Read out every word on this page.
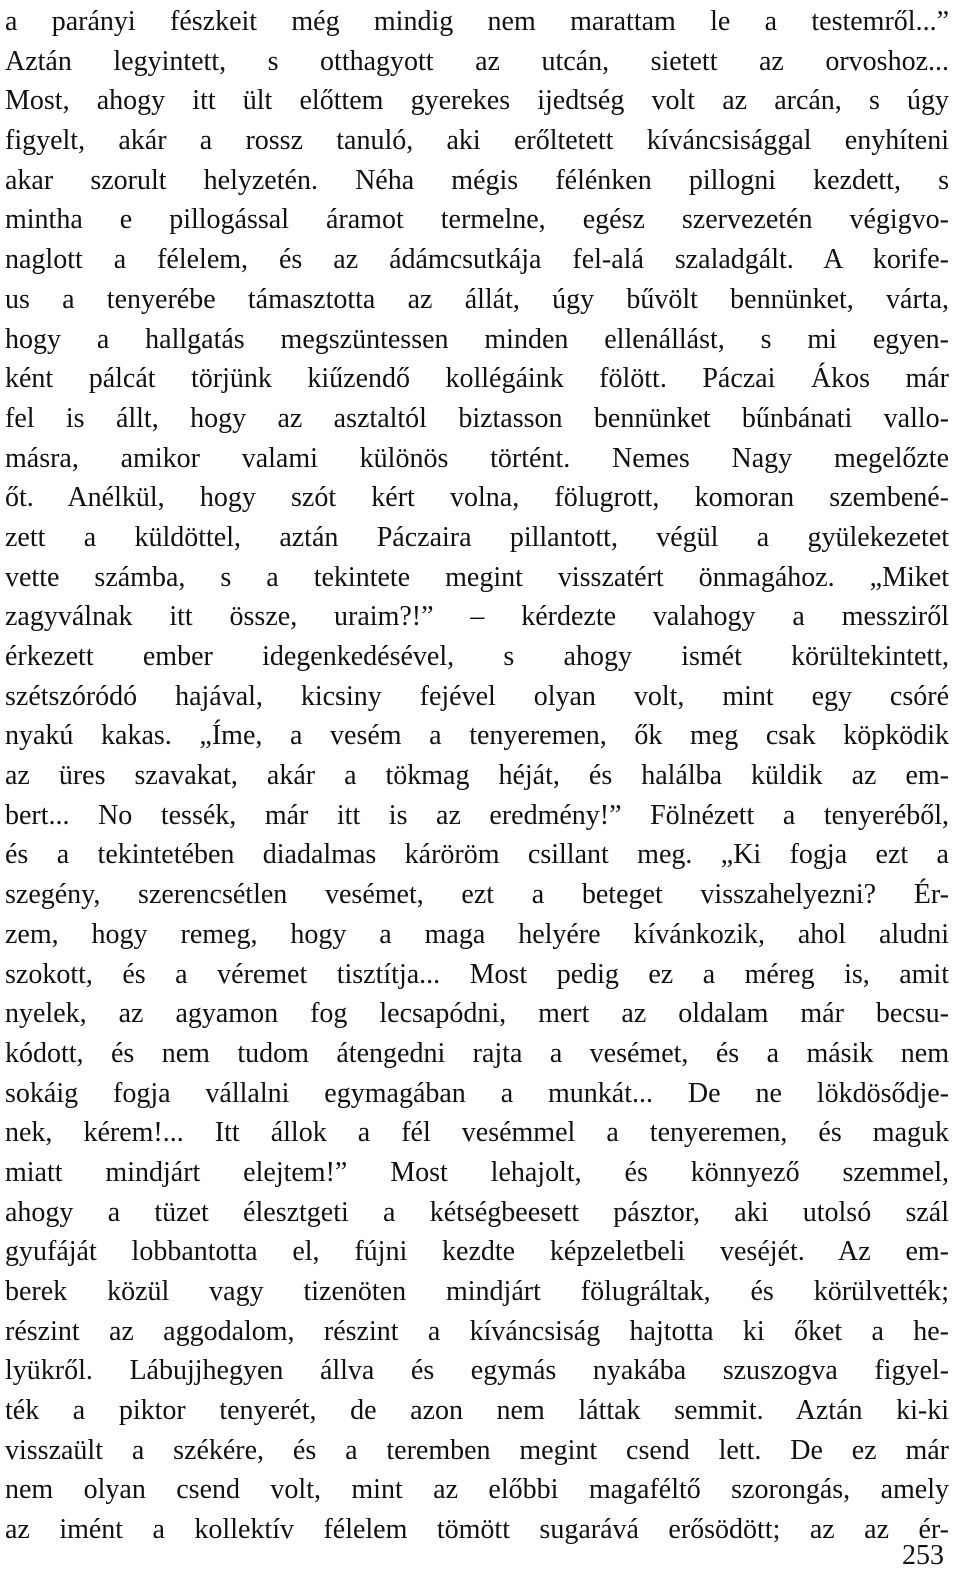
a parányi fészkeit még mindig nem marattam le a testemről...”
Aztán legyintett, s otthagyott az utcán, sietett az orvoshoz...
Most, ahogy itt ült előttem gyerekes ijedtség volt az arcán, s úgy
figyelt, akár a rossz tanuló, aki erőltetett kíváncsisággal enyhíteni
akar szorult helyzetén. Néha mégis félénken pillogni kezdett, s
mintha e pillogással áramot termelne, egész szervezetén végigvo-
naglott a félelem, és az ádámcsutkája fel-alá szaladgált. A korife-
us a tenyerébe támasztotta az állát, úgy bűvölt bennünket, várta,
hogy a hallgatás megszüntessen minden ellenállást, s mi egyen-
ként pálcát törjünk kiűzendő kollégáink fölött. Páczai Ákos már
fel is állt, hogy az asztaltól biztasson bennünket bűnbánati vallo-
másra, amikor valami különös történt. Nemes Nagy megelőzte
őt. Anélkül, hogy szót kért volna, fölugrott, komoran szembené-
zett a küldöttel, aztán Páczaira pillantott, végül a gyülekezetet
vette számba, s a tekintete megint visszatért önmagához. „Miket
zagyválnak itt össze, uraim?!” – kérdezte valahogy a messziről
érkezett ember idegenkedésével, s ahogy ismét körültekintett,
szétszóródó hajával, kicsiny fejével olyan volt, mint egy csóré
nyakú kakas. „Íme, a vesém a tenyeremen, ők meg csak köpködik
az üres szavakat, akár a tökmag héját, és halálba küldik az em-
bert... No tessék, már itt is az eredmény!” Fölnézett a tenyeréből,
és a tekintetében diadalmas káröröm csillant meg. „Ki fogja ezt a
szegény, szerencsétlen vesémet, ezt a beteget visszahelyezni? Ér-
zem, hogy remeg, hogy a maga helyére kívánkozik, ahol aludni
szokott, és a véremet tisztítja... Most pedig ez a méreg is, amit
nyelek, az agyamon fog lecsapódni, mert az oldalam már becsu-
kódott, és nem tudom átengedni rajta a vesémet, és a másik nem
sokáig fogja vállalni egymagában a munkát... De ne lökdösődje-
nek, kérem!... Itt állok a fél vesémmel a tenyeremen, és maguk
miatt mindjárt elejtem!” Most lehajolt, és könnyező szemmel,
ahogy a tüzet élesztgeti a kétségbeesett pásztor, aki utolsó szál
gyufáját lobbantotta el, fújni kezdte képzeletbeli veséjét. Az em-
berek közül vagy tizenöten mindjárt fölugráltak, és körülvették;
részint az aggodalom, részint a kíváncsiság hajtotta ki őket a he-
lyükről. Lábujjhegyen állva és egymás nyakába szuszogva figyel-
ték a piktor tenyerét, de azon nem láttak semmit. Aztán ki-ki
visszaült a székére, és a teremben megint csend lett. De ez már
nem olyan csend volt, mint az előbbi magaféltő szorongás, amely
az imént a kollektív félelem tömött sugarává erősödött; az az ér-
253
